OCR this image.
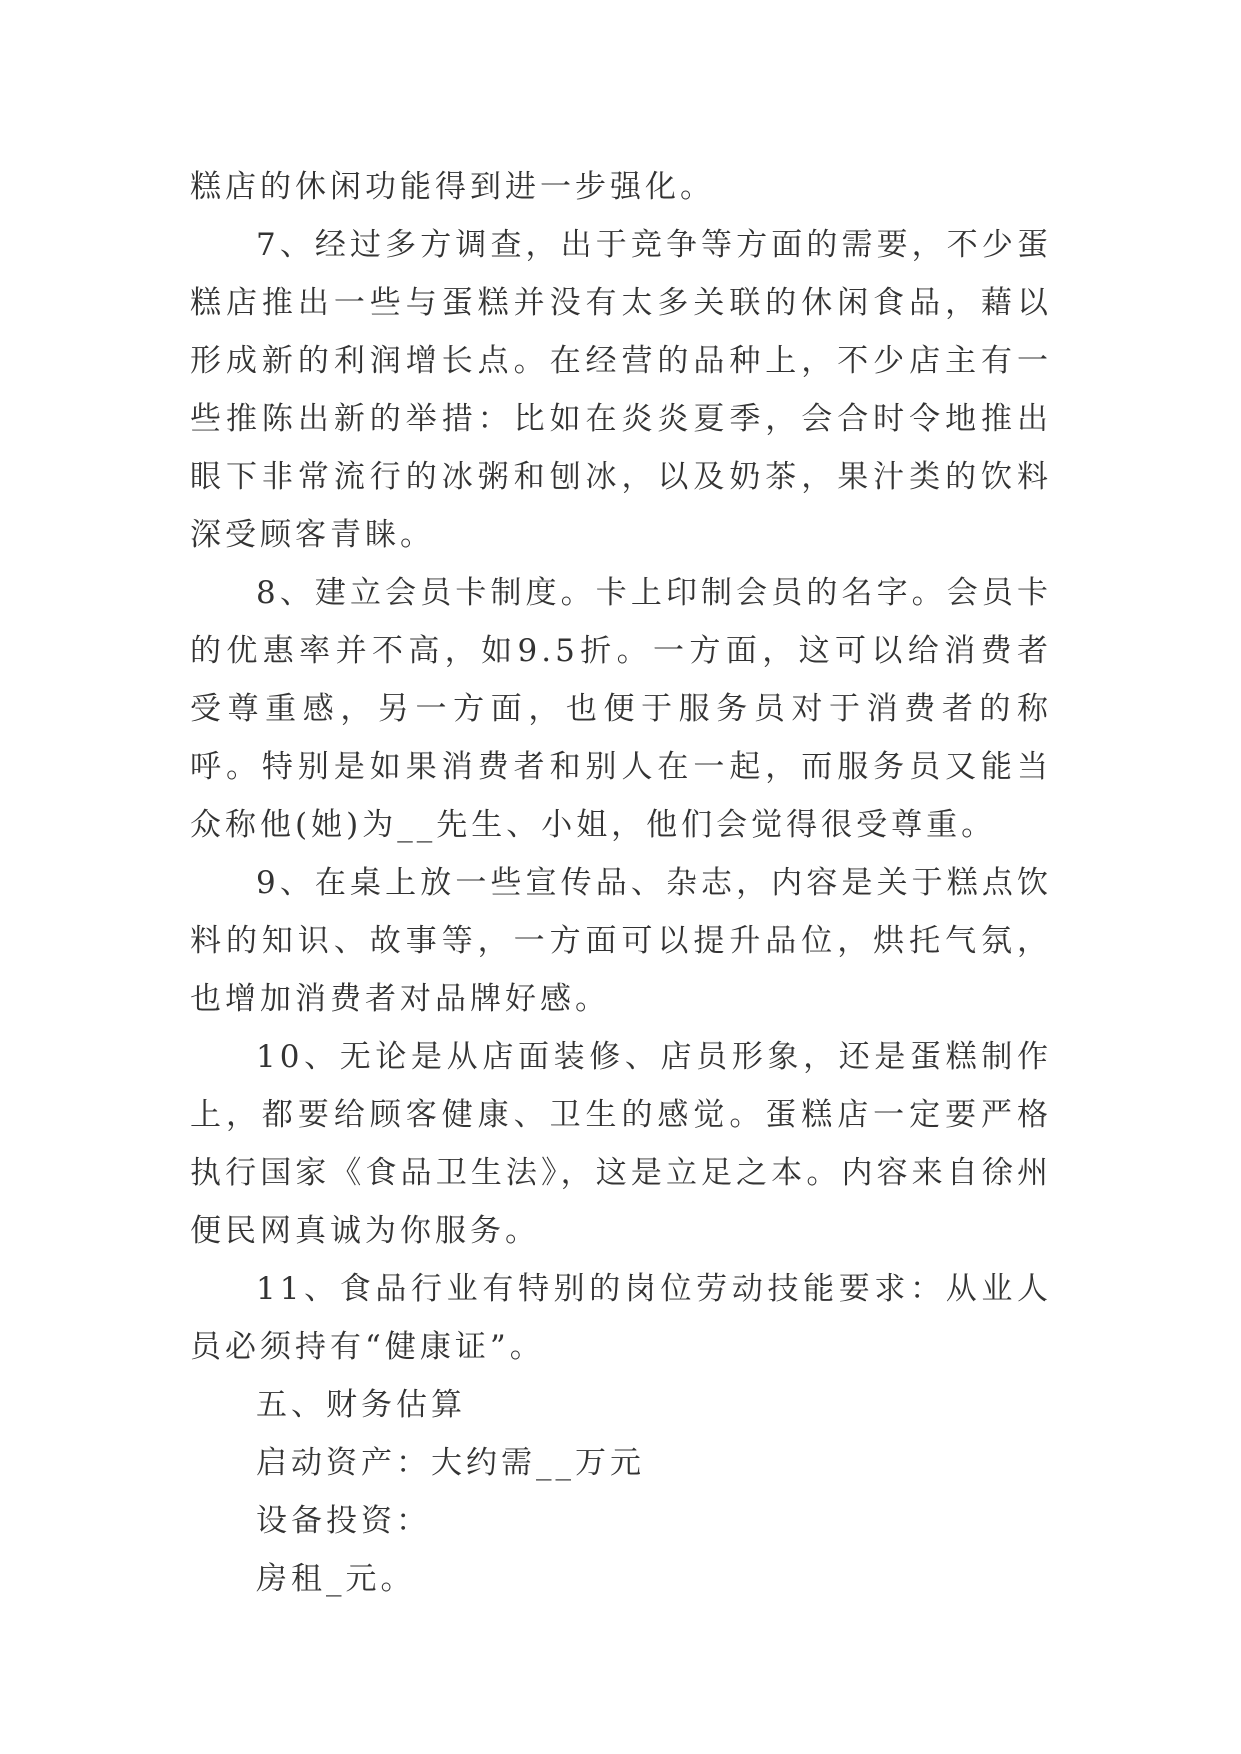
糕店的休闲功能得到进一步强化。

7、经过多方调查，出于竞争等方面的需要，不少蛋糕店推出一些与蛋糕并没有太多关联的休闲食品，藉以形成新的利润增长点。在经营的品种上，不少店主有一些推陈出新的举措：比如在炎炎夏季，会合时令地推出眼下非常流行的冰粥和刨冰，以及奶茶，果汁类的饮料深受顾客青睐。

8、建立会员卡制度。卡上印制会员的名字。会员卡的优惠率并不高，如9.5折。一方面，这可以给消费者受尊重感，另一方面，也便于服务员对于消费者的称呼。特别是如果消费者和别人在一起，而服务员又能当众称他(她)为__先生、小姐，他们会觉得很受尊重。

9、在桌上放一些宣传品、杂志，内容是关于糕点饮料的知识、故事等，一方面可以提升品位，烘托气氛，也增加消费者对品牌好感。

10、无论是从店面装修、店员形象，还是蛋糕制作上，都要给顾客健康、卫生的感觉。蛋糕店一定要严格执行国家《食品卫生法》，这是立足之本。内容来自徐州便民网真诚为你服务。

11、食品行业有特别的岗位劳动技能要求：从业人员必须持有“健康证”。

五、财务估算

启动资产：大约需__万元

设备投资：

房租_元。
